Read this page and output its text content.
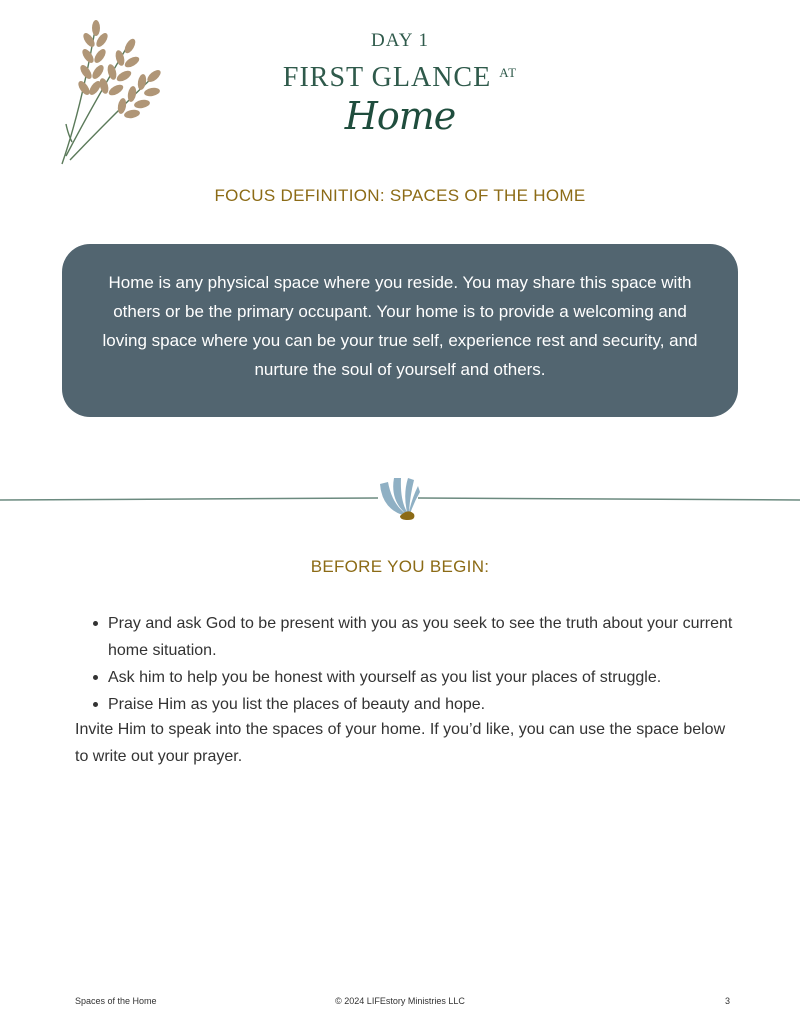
DAY 1
FIRST GLANCE $^{AT}$
Home
FOCUS DEFINITION: SPACES OF THE HOME
Home is any physical space where you reside. You may share this space with others or be the primary occupant. Your home is to provide a welcoming and loving space where you can be your true self, experience rest and security, and nurture the soul of yourself and others.
BEFORE YOU BEGIN:
Pray and ask God to be present with you as you seek to see the truth about your current home situation.
Ask him to help you be honest with yourself as you list your places of struggle.
Praise Him as you list the places of beauty and hope.
Invite Him to speak into the spaces of your home. If you’d like, you can use the space below to write out your prayer.
Spaces of the Home	© 2024 LIFEstory Ministries LLC	3
